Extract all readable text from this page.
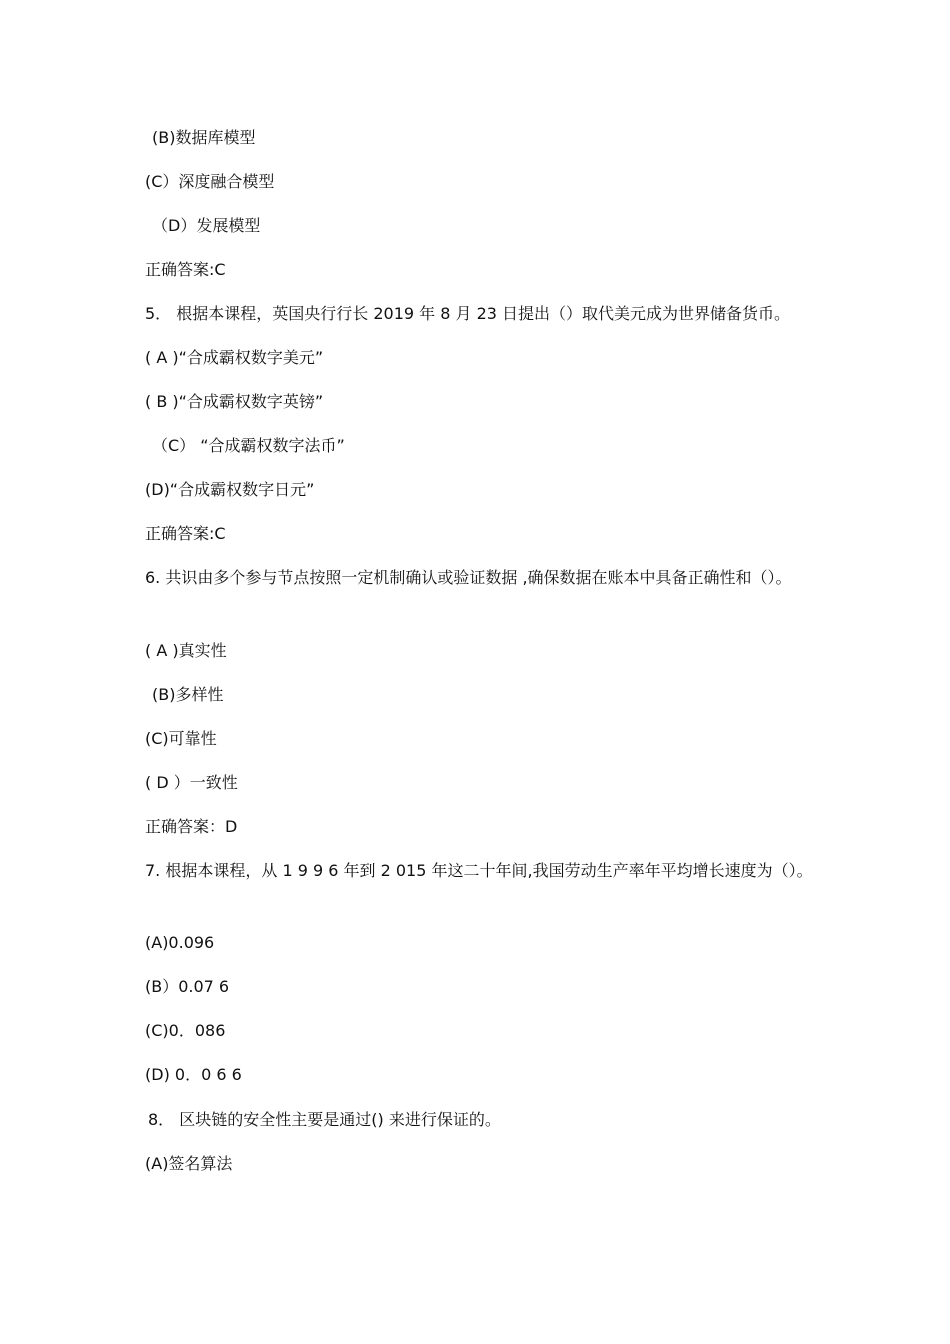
(B)数据库模型
(C）深度融合模型
（D）发展模型
正确答案:C
5． 根据本课程，英国央行行长 2019 年 8 月 23 日提出（）取代美元成为世界储备货币。
( A )“合成霸权数字美元”
( B )“合成霸权数字英镑”
（C） “合成霸权数字法币”
(D)“合成霸权数字日元”
正确答案:C
6. 共识由多个参与节点按照一定机制确认或验证数据 ,确保数据在账本中具备正确性和（）。
( A )真实性
(B)多样性
(C)可靠性
( D ）一致性
正确答案：D
7. 根据本课程，从 1 9 9 6 年到 2 015 年这二十年间,我国劳动生产率年平均增长速度为（）。
(A)0.096
(B）0.07 6
(C)0．086
(D) 0．0 6 6
8． 区块链的安全性主要是通过() 来进行保证的。
(A)签名算法
